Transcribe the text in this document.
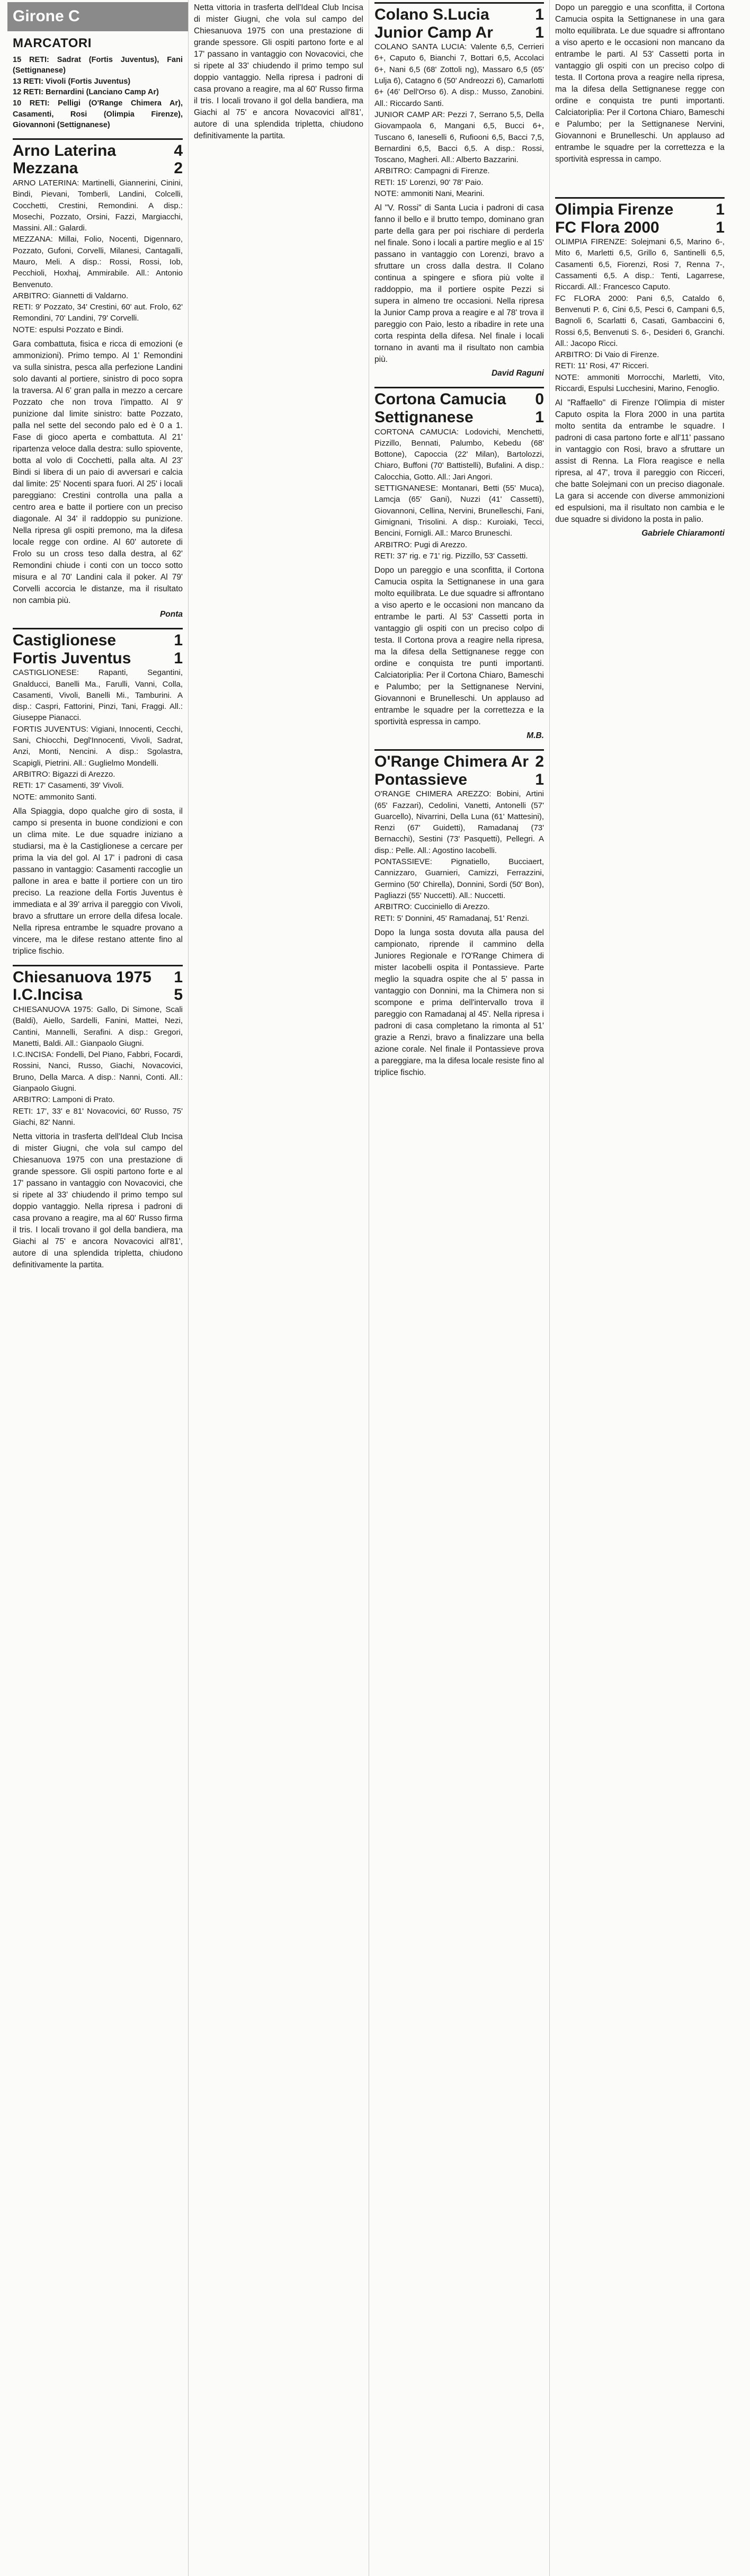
Girone C
MARCATORI

15 RETI: Sadrat (Fortis Juventus), Fani (Settignanese)

13 RETI: Vivoli (Fortis Juventus)

12 RETI: Bernardini (Lanciano Camp Ar)

10 RETI: Pelligi (O'Range Chimera Ar), Casamenti, Rosi (Olimpia Firenze), Giovannoni (Settignanese)

Arno Laterina	4
Mezzana	2

ARNO LATERINA: Martinelli, Giannerini, Cinini, Bindi, Pievani, Tomberli, Landini, Colcelli, Cocchetti, Crestini, Remondini. A disp.: Mosechi, Pozzato, Orsini, Fazzi, Margiacchi, Massini. All.: Galardi.

MEZZANA: Millai, Folio, Nocenti, Digennaro, Pozzato, Gufoni, Corvelli, Milanesi, Cantagalli, Mauro, Meli. A disp.: Rossi, Rossi, Iob, Pecchioli, Hoxhaj, Ammirabile. All.: Antonio Benvenuto.

ARBITRO: Giannetti di Valdarno.

RETI: 9' Pozzato, 34' Crestini, 60' aut. Frolo, 62' Remondini, 70' Landini, 79' Corvelli.

NOTE: espulsi Pozzato e Bindi.

Gara combattuta, fisica e ricca di emozioni (e ammonizioni). Primo tempo. Al 1' Remondini va sulla sinistra, pesca alla perfezione Landini solo davanti al portiere, sinistro di poco sopra la traversa. Al 6' gran palla in mezzo a cercare Pozzato che non trova l'impatto. Al 9' punizione dal limite sinistro: batte Pozzato, palla nel sette del secondo palo ed è 0 a 1. Fase di gioco aperta e combattuta. Al 21' ripartenza veloce dalla destra: sullo spiovente, botta al volo di Cocchetti, palla alta. Al 23' Bindi si libera di un paio di avversari e calcia dal limite: 25' Nocenti spara fuori. Al 25' i locali pareggiano: Crestini controlla una palla a centro area e batte il portiere con un preciso diagonale. Al 34' il raddoppio su punizione. Nella ripresa gli ospiti premono, ma la difesa locale regge con ordine. Al 60' autorete di Frolo su un cross teso dalla destra, al 62' Remondini chiude i conti con un tocco sotto misura e al 70' Landini cala il poker. Al 79' Corvelli accorcia le distanze, ma il risultato non cambia più.

Ponta
Castiglionese	1
Fortis Juventus	1

CASTIGLIONESE: Rapanti, Segantini, Gnalducci, Banelli Ma., Farulli, Vanni, Colla, Casamenti, Vivoli, Banelli Mi., Tamburini. A disp.: Caspri, Fattorini, Pinzi, Tani, Fraggi. All.: Giuseppe Pianacci.

FORTIS JUVENTUS: Vigiani, Innocenti, Cecchi, Sani, Chiocchi, Degl'Innocenti, Vivoli, Sadrat, Anzi, Monti, Nencini. A disp.: Sgolastra, Scapigli, Pietrini. All.: Guglielmo Mondelli.

ARBITRO: Bigazzi di Arezzo.

RETI: 17' Casamenti, 39' Vivoli.

NOTE: ammonito Santi.

Alla Spiaggia, dopo qualche giro di sosta, il campo si presenta in buone condizioni e con un clima mite. Le due squadre iniziano a studiarsi, ma è la Castiglionese a cercare per prima la via del gol. Al 17' i padroni di casa passano in vantaggio: Casamenti raccoglie un pallone in area e batte il portiere con un tiro preciso. La reazione della Fortis Juventus è immediata e al 39' arriva il pareggio con Vivoli, bravo a sfruttare un errore della difesa locale. Nella ripresa entrambe le squadre provano a vincere, ma le difese restano attente fino al triplice fischio.

Chiesanuova 1975	1
I.C.Incisa	5

CHIESANUOVA 1975: Gallo, Di Simone, Scali (Baldi), Aiello, Sardelli, Fanini, Mattei, Nezi, Cantini, Mannelli, Serafini. A disp.: Gregori, Manetti, Baldi. All.: Gianpaolo Giugni.

I.C.INCISA: Fondelli, Del Piano, Fabbri, Focardi, Rossini, Nanci, Russo, Giachi, Novacovici, Bruno, Della Marca. A disp.: Nanni, Conti. All.: Gianpaolo Giugni.

ARBITRO: Lamponi di Prato.

RETI: 17', 33' e 81' Novacovici, 60' Russo, 75' Giachi, 82' Nanni.

Netta vittoria in trasferta dell'Ideal Club Incisa di mister Giugni, che vola sul campo del Chiesanuova 1975 con una prestazione di grande spessore. Gli ospiti partono forte e al 17' passano in vantaggio con Novacovici, che si ripete al 33' chiudendo il primo tempo sul doppio vantaggio. Nella ripresa i padroni di casa provano a reagire, ma al 60' Russo firma il tris. I locali trovano il gol della bandiera, ma Giachi al 75' e ancora Novacovici all'81', autore di una splendida tripletta, chiudono definitivamente la partita.

Netta vittoria in trasferta dell'Ideal Club Incisa di mister Giugni, che vola sul campo del Chiesanuova 1975 con una prestazione di grande spessore. Gli ospiti partono forte e al 17' passano in vantaggio con Novacovici, che si ripete al 33' chiudendo il primo tempo sul doppio vantaggio. Nella ripresa i padroni di casa provano a reagire, ma al 60' Russo firma il tris. I locali trovano il gol della bandiera, ma Giachi al 75' e ancora Novacovici all'81', autore di una splendida tripletta, chiudono definitivamente la partita.

Colano S.Lucia	1
Junior Camp Ar	1

COLANO SANTA LUCIA: Valente 6,5, Cerrieri 6+, Caputo 6, Bianchi 7, Bottari 6,5, Accolaci 6+, Nani 6,5 (68' Zottoli ng), Massaro 6,5 (65' Lulja 6), Catagno 6 (50' Andreozzi 6), Camarlotti 6+ (46' Dell'Orso 6). A disp.: Musso, Zanobini. All.: Riccardo Santi.

JUNIOR CAMP AR: Pezzi 7, Serrano 5,5, Della Giovampaola 6, Mangani 6,5, Bucci 6+, Tuscano 6, Ianeselli 6, Rufiooni 6,5, Bacci 7,5, Bernardini 6,5, Bacci 6,5. A disp.: Rossi, Toscano, Magheri. All.: Alberto Bazzarini.

ARBITRO: Campagni di Firenze.

RETI: 15' Lorenzi, 90' 78' Paio.

NOTE: ammoniti Nani, Mearini.

Al "V. Rossi" di Santa Lucia i padroni di casa fanno il bello e il brutto tempo, dominano gran parte della gara per poi rischiare di perderla nel finale. Sono i locali a partire meglio e al 15' passano in vantaggio con Lorenzi, bravo a sfruttare un cross dalla destra. Il Colano continua a spingere e sfiora più volte il raddoppio, ma il portiere ospite Pezzi si supera in almeno tre occasioni. Nella ripresa la Junior Camp prova a reagire e al 78' trova il pareggio con Paio, lesto a ribadire in rete una corta respinta della difesa. Nel finale i locali tornano in avanti ma il risultato non cambia più.

David Raguni
Cortona Camucia	0
Settignanese	1

CORTONA CAMUCIA: Lodovichi, Menchetti, Pizzillo, Bennati, Palumbo, Kebedu (68' Bottone), Capoccia (22' Milan), Bartolozzi, Chiaro, Buffoni (70' Battistelli), Bufalini. A disp.: Calocchia, Gotto. All.: Jari Angori.

SETTIGNANESE: Montanari, Betti (55' Muca), Lamcja (65' Gani), Nuzzi (41' Cassetti), Giovannoni, Cellina, Nervini, Brunelleschi, Fani, Gimignani, Trisolini. A disp.: Kuroiaki, Tecci, Bencini, Fornigli. All.: Marco Bruneschi.

ARBITRO: Pugi di Arezzo.

RETI: 37' rig. e 71' rig. Pizzillo, 53' Cassetti.

Dopo un pareggio e una sconfitta, il Cortona Camucia ospita la Settignanese in una gara molto equilibrata. Le due squadre si affrontano a viso aperto e le occasioni non mancano da entrambe le parti. Al 53' Cassetti porta in vantaggio gli ospiti con un preciso colpo di testa. Il Cortona prova a reagire nella ripresa, ma la difesa della Settignanese regge con ordine e conquista tre punti importanti. Calciatoriplia: Per il Cortona Chiaro, Bameschi e Palumbo; per la Settignanese Nervini, Giovannoni e Brunelleschi. Un applauso ad entrambe le squadre per la correttezza e la sportività espressa in campo.

M.B.
O'Range Chimera Ar 2
Pontassieve	1

O'RANGE CHIMERA AREZZO: Bobini, Artini (65' Fazzari), Cedolini, Vanetti, Antonelli (57' Guarcello), Nivarrini, Della Luna (61' Mattesini), Renzi (67' Guidetti), Ramadanaj (73' Bernacchi), Sestini (73' Pasquetti), Pellegri. A disp.: Pelle. All.: Agostino Iacobelli.

PONTASSIEVE: Pignatiello, Bucciaert, Cannizzaro, Guarnieri, Camizzi, Ferrazzini, Germino (50' Chirella), Donnini, Sordi (50' Bon), Pagliazzi (55' Nuccetti). All.: Nuccetti.

ARBITRO: Cucciniello di Arezzo.

RETI: 5' Donnini, 45' Ramadanaj, 51' Renzi.

Dopo la lunga sosta dovuta alla pausa del campionato, riprende il cammino della Juniores Regionale e l'O'Range Chimera di mister Iacobelli ospita il Pontassieve. Parte meglio la squadra ospite che al 5' passa in vantaggio con Donnini, ma la Chimera non si scompone e prima dell'intervallo trova il pareggio con Ramadanaj al 45'. Nella ripresa i padroni di casa completano la rimonta al 51' grazie a Renzi, bravo a finalizzare una bella azione corale. Nel finale il Pontassieve prova a pareggiare, ma la difesa locale resiste fino al triplice fischio.

Dopo un pareggio e una sconfitta, il Cortona Camucia ospita la Settignanese in una gara molto equilibrata. Le due squadre si affrontano a viso aperto e le occasioni non mancano da entrambe le parti. Al 53' Cassetti porta in vantaggio gli ospiti con un preciso colpo di testa. Il Cortona prova a reagire nella ripresa, ma la difesa della Settignanese regge con ordine e conquista tre punti importanti. Calciatoriplia: Per il Cortona Chiaro, Bameschi e Palumbo; per la Settignanese Nervini, Giovannoni e Brunelleschi. Un applauso ad entrambe le squadre per la correttezza e la sportività espressa in campo.

Olimpia Firenze	1
FC Flora 2000	1

OLIMPIA FIRENZE: Solejmani 6,5, Marino 6-, Mito 6, Marletti 6,5, Grillo 6, Santinelli 6,5, Casamenti 6,5, Fiorenzi, Rosi 7, Renna 7-, Cassamenti 6,5. A disp.: Tenti, Lagarrese, Riccardi. All.: Francesco Caputo.

FC FLORA 2000: Pani 6,5, Cataldo 6, Benvenuti P. 6, Cini 6,5, Pesci 6, Campani 6,5, Bagnoli 6, Scarlatti 6, Casati, Gambaccini 6, Rossi 6,5, Benvenuti S. 6-, Desideri 6, Granchi. All.: Jacopo Ricci.

ARBITRO: Di Vaio di Firenze.

RETI: 11' Rosi, 47' Ricceri.

NOTE: ammoniti Morrocchi, Marletti, Vito, Riccardi, Espulsi Lucchesini, Marino, Fenoglio.

Al "Raffaello" di Firenze l'Olimpia di mister Caputo ospita la Flora 2000 in una partita molto sentita da entrambe le squadre. I padroni di casa partono forte e all'11' passano in vantaggio con Rosi, bravo a sfruttare un assist di Renna. La Flora reagisce e nella ripresa, al 47', trova il pareggio con Ricceri, che batte Solejmani con un preciso diagonale. La gara si accende con diverse ammonizioni ed espulsioni, ma il risultato non cambia e le due squadre si dividono la posta in palio.

Gabriele Chiaramonti
